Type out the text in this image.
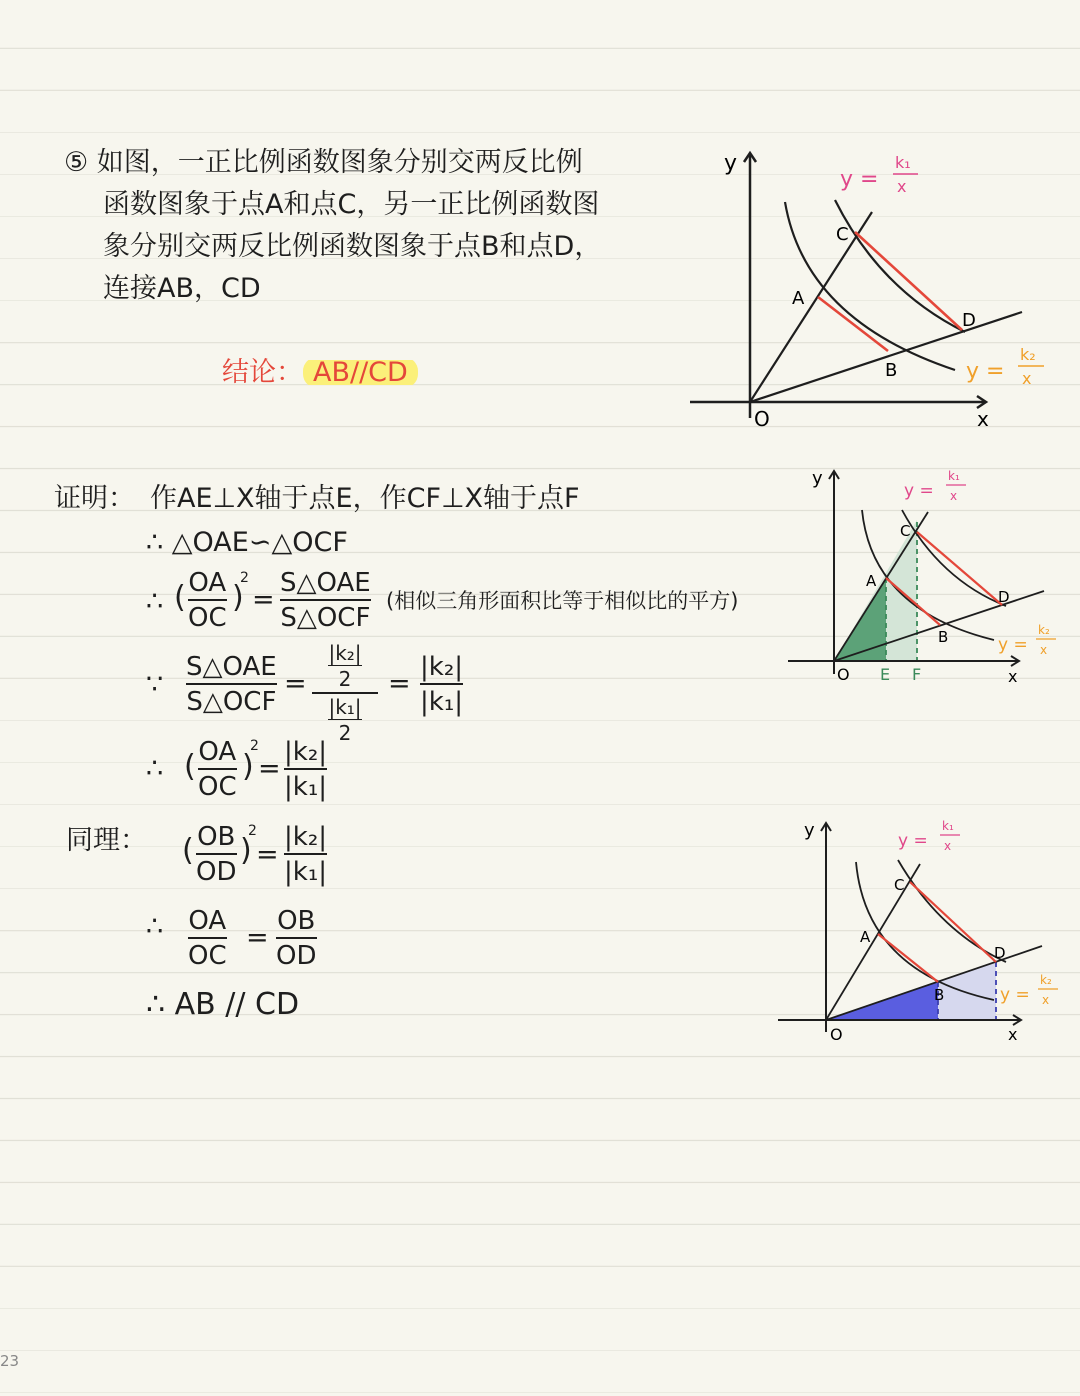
⑤ 如图，一正比例函数图象分别交两反比例
函数图象于点A和点C，另一正比例函数图
象分别交两反比例函数图象于点B和点D，
连接AB，CD
结论： AB//CD
证明： 作AE⊥X轴于点E，作CF⊥X轴于点F
∴ △OAE∽△OCF
∴ ( OA
OC
)
2
=
S△OAE
S△OCF
(相似三角形面积比等于相似比的平方)
∵
S△OAE
S△OCF
= $\frac{\text{|k₂|}}{2}$
$\frac{\text{|k₁|}}{2}$
=
|k₂|
|k₁|
∴ ( OA
OC
)
2
=
|k₂|
|k₁|
同理： ( OB
OD
)
2
=
|k₂|
|k₁|
∴ OA
OC
=
OB
OD
∴ AB // CD
y
x
O
C
A
B
D
y =
k₁
x
y =
k₂
x
y
x
O E F
C
A
B
D
y =
k₁
x
y =
k₂
x
y
x
O
C
A
B
D
y =
k₁
x
y =
k₂
x
23
